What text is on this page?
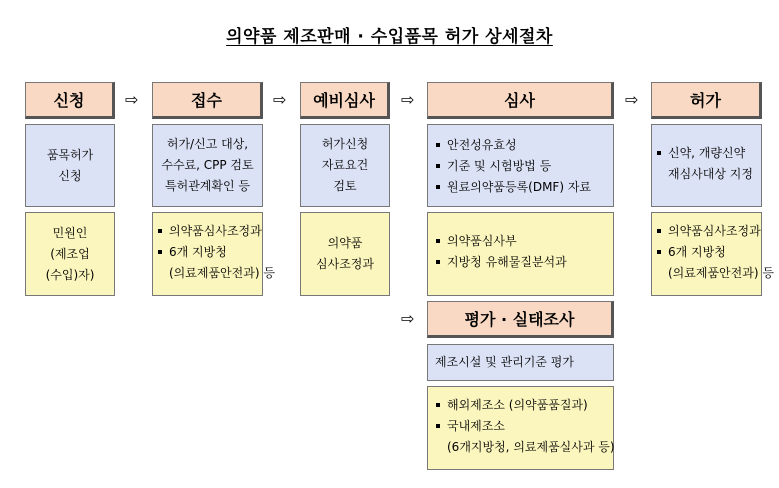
의약품 제조판매 · 수입품목 허가 상세절차
신청
품목허가
신청
민원인
(제조업
(수입)자)
⇨	접수
허가/신고 대상,
수수료, CPP 검토
특허관계확인 등
의약품심사조정과
6개 지방청
(의료제품안전과) 등
⇨	예비심사
허가신청
자료요건
검토
의약품
심사조정과
⇨	심사
안전성유효성
기준 및 시험방법 등
원료의약품등록(DMF) 자료
의약품심사부
지방청 유해물질분석과
⇨	허가
신약, 개량신약
재심사대상 지정
의약품심사조정과
6개 지방청
(의료제품안전과) 등
⇨	평가 · 실태조사
제조시설 및 관리기준 평가
해외제조소 (의약품품질과)
국내제조소
(6개지방청, 의료제품실사과 등)
